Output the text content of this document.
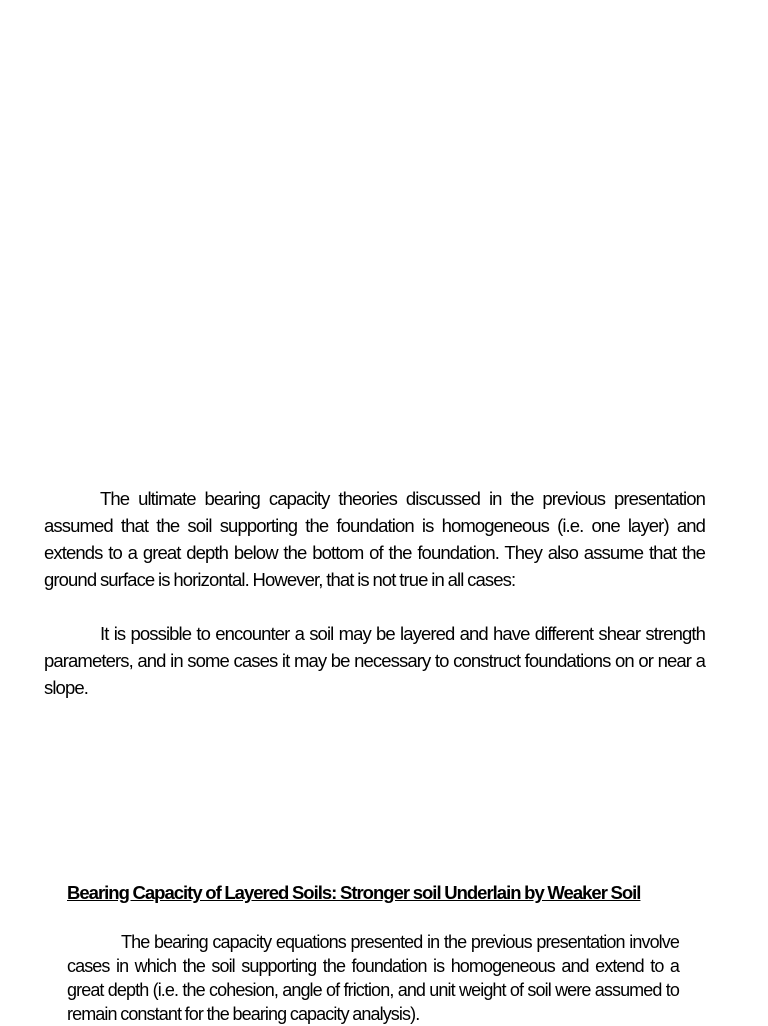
The ultimate bearing capacity theories discussed in the previous presentation assumed that the soil supporting the foundation is homogeneous (i.e. one layer) and extends to a great depth below the bottom of the foundation. They also assume that the ground surface is horizontal. However, that is not true in all cases:

It is possible to encounter a soil may be layered and have different shear strength parameters, and in some cases it may be necessary to construct foundations on or near a slope.

Bearing Capacity of Layered Soils: Stronger soil Underlain by Weaker Soil

The bearing capacity equations presented in the previous presentation involve cases in which the soil supporting the foundation is homogeneous and extend to a great depth (i.e. the cohesion, angle of friction, and unit weight of soil were assumed to remain constant for the bearing capacity analysis).
